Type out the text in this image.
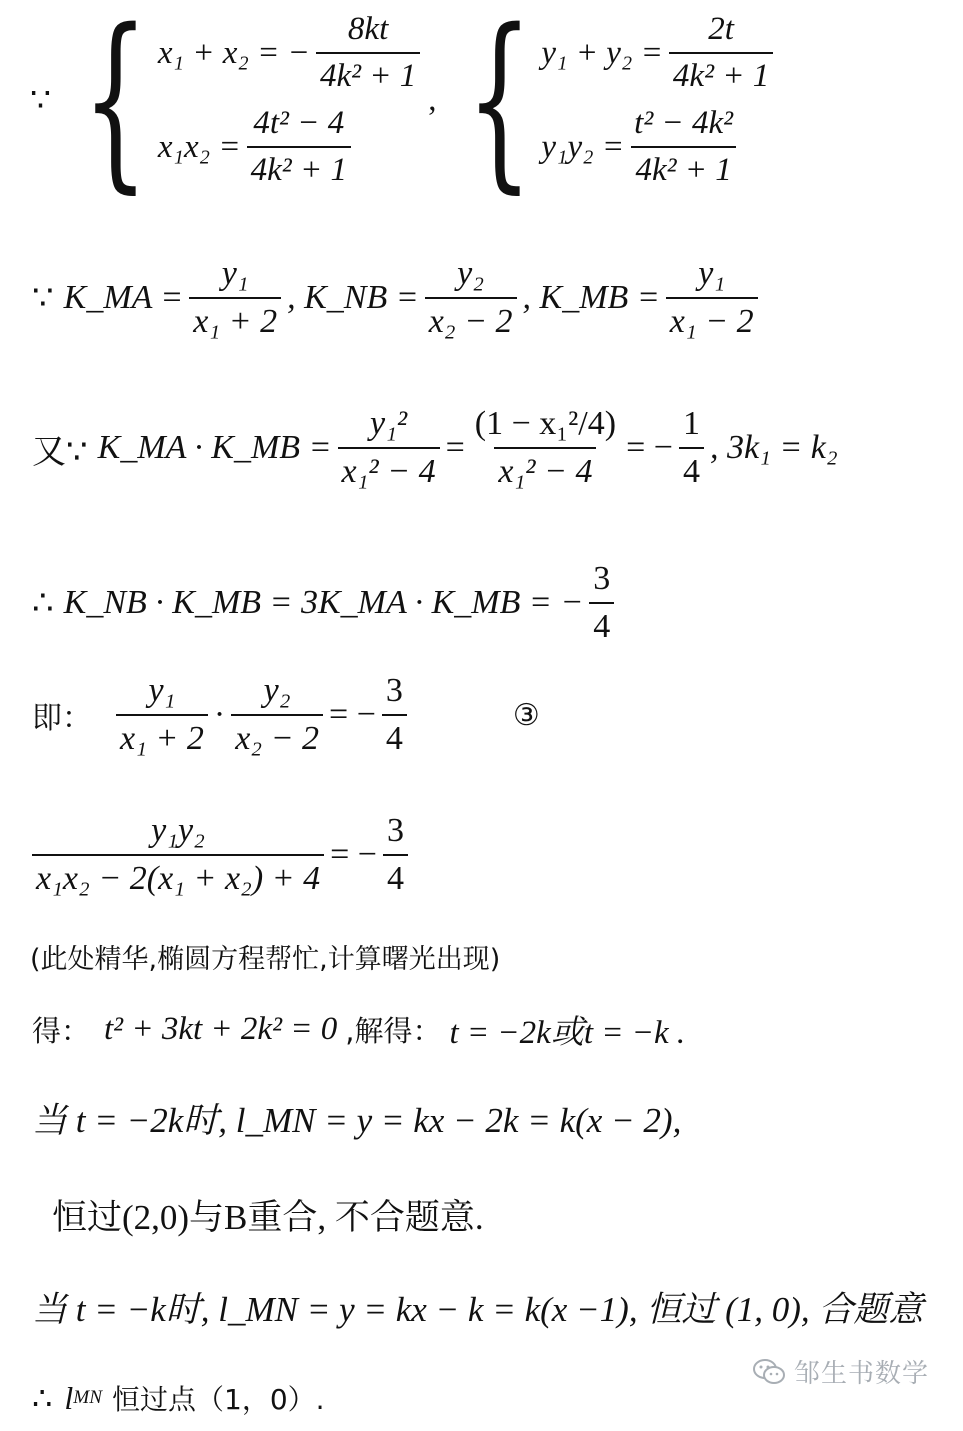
∵ { x₁ + x₂ = − $\frac{8kt}{\text{4k² + 1}}$
$x_1x_2 = \frac{\text{4t² − 4}}{\text{4k² + 1}}$
, { $y_1 + y_2 = \frac{2t}{\text{4k² + 1}}$
$y_1y_2 = \frac{\text{t² − 4k²}}{\text{4k² + 1}}$
∵ K_MA = $\frac{\text{y₁}}{\text{x₁ + 2}}$ , K_NB = $\frac{\text{y₂}}{\text{x₂ − 2}}$ , K_MB = $\frac{\text{y₁}}{\text{x₁ − 2}}$
又∵ K_MA · K_MB = $\frac{\text{y₁²}}{\text{x₁² − 4}} = \frac{\text{(1 − x₁²/4)}}{\text{x₁² − 4}}$ = − $\frac{1}{4}$ , 3k₁ = k₂
∴ K_NB · K_MB = 3K_MA · K_MB = − $\frac{3}{4}$
即： $\frac{\text{y₁}}{\text{x₁ + 2}} \cdot \frac{\text{y₂}}{\text{x₂ − 2}}$ = − $\frac{3}{4}$	③
$\frac{\text{y₁y₂}}{\text{x₁x₂ − 2(x₁ + x₂) + 4}}$ = − $\frac{3}{4}$
(此处精华,椭圆方程帮忙,计算曙光出现)
得： t² + 3kt + 2k² = 0 ,解得： t = −2k或t = −k .
当 t = −2k时, l_MN = y = kx − 2k = k(x − 2),
恒过(2,0)与B重合, 不合题意.
当 t = −k时, l_MN = y = kx − k = k(x −1), 恒过 (1, 0), 合题意
∴ l MN 恒过点（1，0）.
邹生书数学
